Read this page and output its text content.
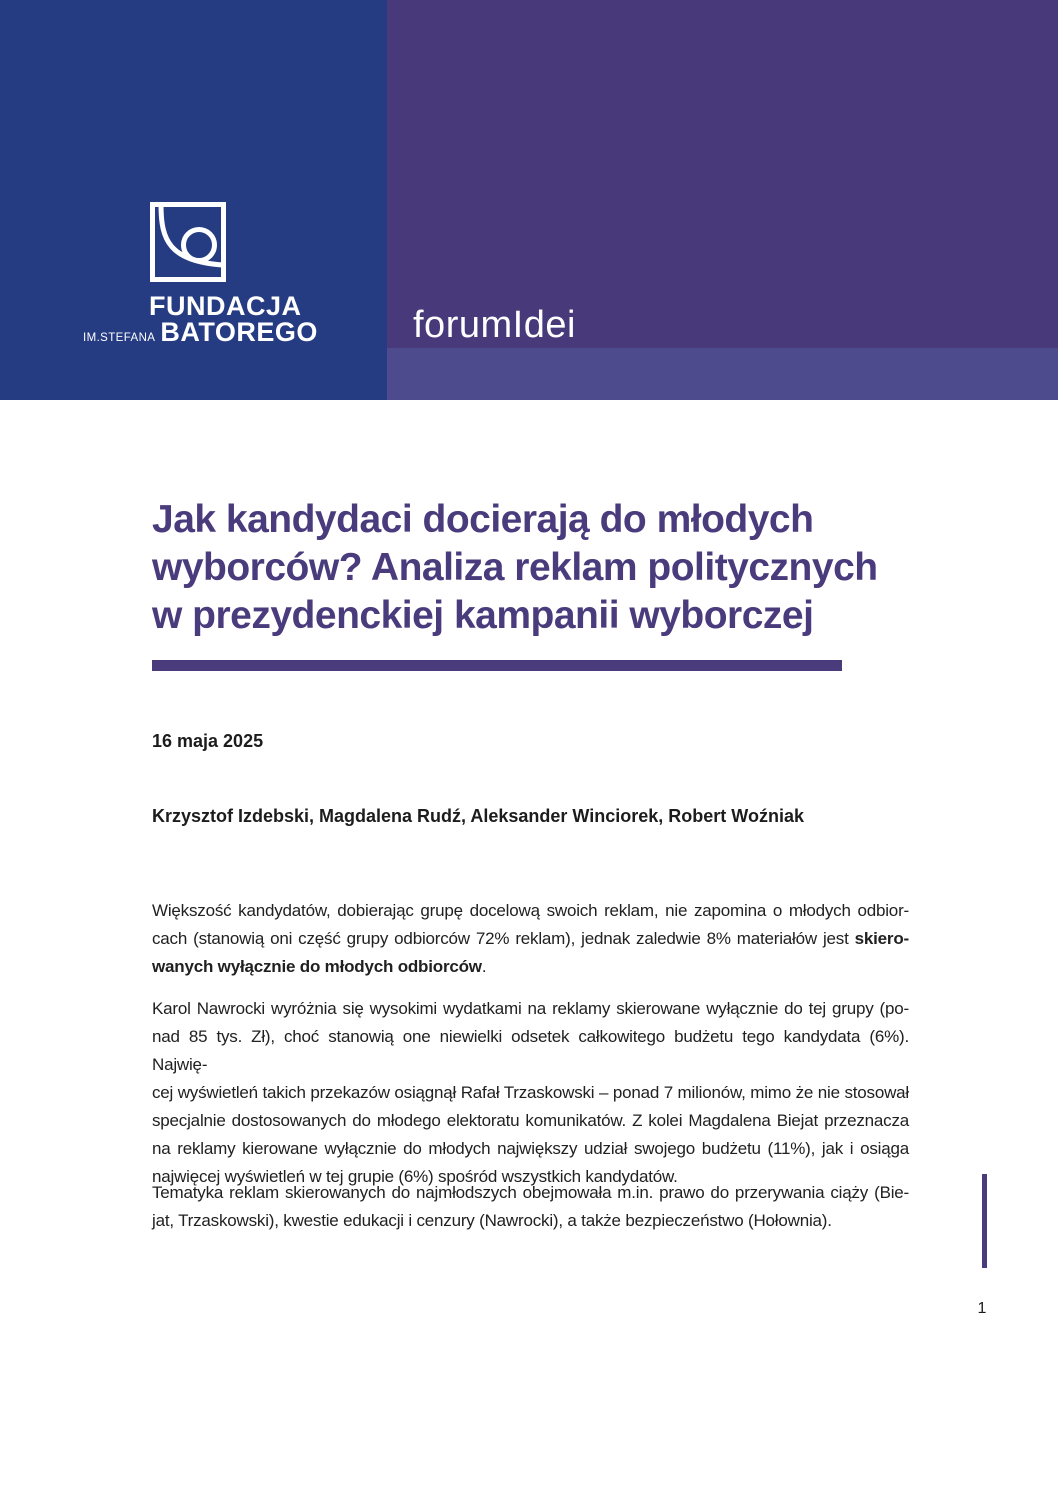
FUNDACJA
IM.STEFANA BATOREGO	forumIdei
Jak kandydaci docierają do młodych
wyborców? Analiza reklam politycznych
w prezydenckiej kampanii wyborczej
16 maja 2025
Krzysztof Izdebski, Magdalena Rudź, Aleksander Winciorek, Robert Woźniak
Większość kandydatów, dobierając grupę docelową swoich reklam, nie zapomina o młodych odbior-
cach (stanowią oni część grupy odbiorców 72% reklam), jednak zaledwie 8% materiałów jest skiero-
wanych wyłącznie do młodych odbiorców.
Karol Nawrocki wyróżnia się wysokimi wydatkami na reklamy skierowane wyłącznie do tej grupy (po-
nad 85 tys. Zł), choć stanowią one niewielki odsetek całkowitego budżetu tego kandydata (6%). Najwię-
cej wyświetleń takich przekazów osiągnął Rafał Trzaskowski – ponad 7 milionów, mimo że nie stosował
specjalnie dostosowanych do młodego elektoratu komunikatów. Z kolei Magdalena Biejat przeznacza
na reklamy kierowane wyłącznie do młodych największy udział swojego budżetu (11%), jak i osiąga
najwięcej wyświetleń w tej grupie (6%) spośród wszystkich kandydatów.
Tematyka reklam skierowanych do najmłodszych obejmowała m.in. prawo do przerywania ciąży (Bie-
jat, Trzaskowski), kwestie edukacji i cenzury (Nawrocki), a także bezpieczeństwo (Hołownia).
1
